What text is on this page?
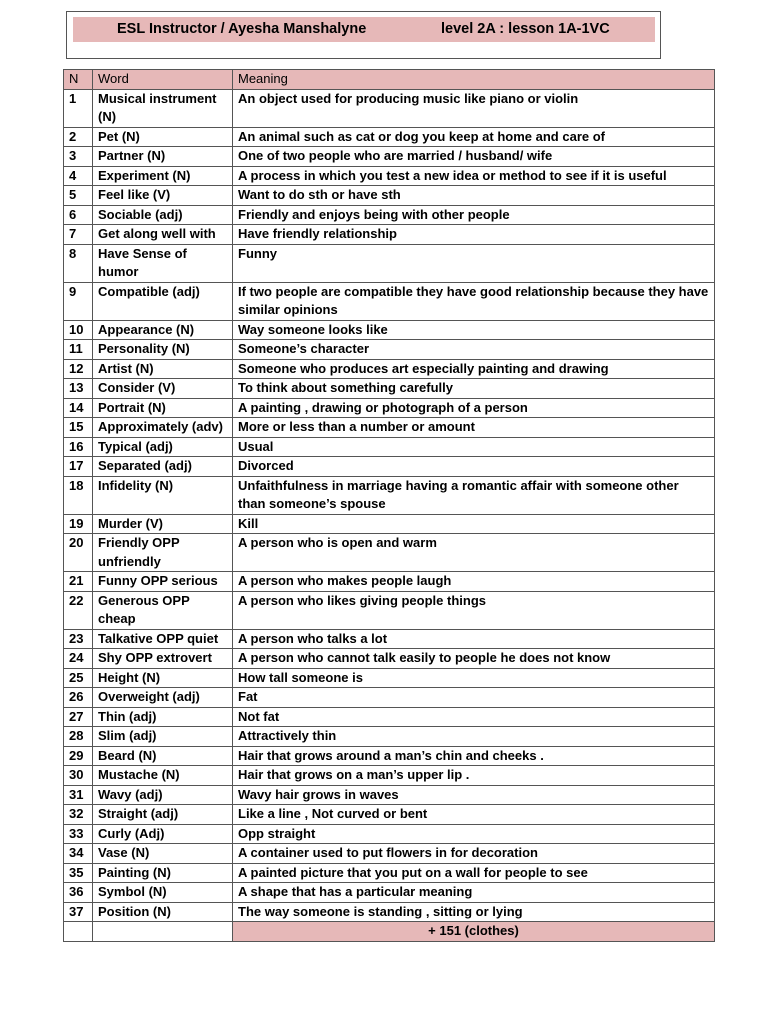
ESL Instructor / Ayesha Manshalyne	level 2A : lesson 1A-1VC
N	Word	Meaning
1	Musical instrument (N)	An object used for producing music like piano or violin
2	Pet (N)	An animal such as cat or dog you keep at home and care of
3	Partner (N)	One of two people who are married / husband/ wife
4	Experiment (N)	A process in which you test a new idea or method to see if it is useful
5	Feel like (V)	Want to do sth or have sth
6	Sociable (adj)	Friendly and enjoys being with other people
7	Get along well with	Have friendly relationship
8	Have Sense of humor	Funny
9	Compatible (adj)	If two people are compatible they have good relationship because they have similar opinions
10	Appearance (N)	Way someone looks like
11	Personality (N)	Someone’s character
12	Artist (N)	Someone who produces art especially painting and drawing
13	Consider (V)	To think about something carefully
14	Portrait (N)	A painting , drawing or photograph of a person
15	Approximately (adv)	More or less than a number or amount
16	Typical (adj)	Usual
17	Separated (adj)	Divorced
18	Infidelity (N)	Unfaithfulness in marriage having a romantic affair with someone other than someone’s spouse
19	Murder (V)	Kill
20	Friendly OPP unfriendly	A person who is open and warm
21	Funny OPP serious	A person who makes people laugh
22	Generous OPP cheap	A person who likes giving people things
23	Talkative OPP quiet	A person who talks a lot
24	Shy OPP extrovert	A person who cannot talk easily to people he does not know
25	Height (N)	How tall someone is
26	Overweight (adj)	Fat
27	Thin (adj)	Not fat
28	Slim (adj)	Attractively thin
29	Beard (N)	Hair that grows around a man’s chin and cheeks .
30	Mustache (N)	Hair that grows on a man’s upper lip .
31	Wavy (adj)	Wavy hair grows in waves
32	Straight (adj)	Like a line , Not curved or bent
33	Curly (Adj)	Opp straight
34	Vase (N)	A container used to put flowers in for decoration
35	Painting (N)	A painted picture that you put on a wall for people to see
36	Symbol (N)	A shape that has a particular meaning
37	Position (N)	The way someone is standing , sitting or lying
		+ 151 (clothes)
